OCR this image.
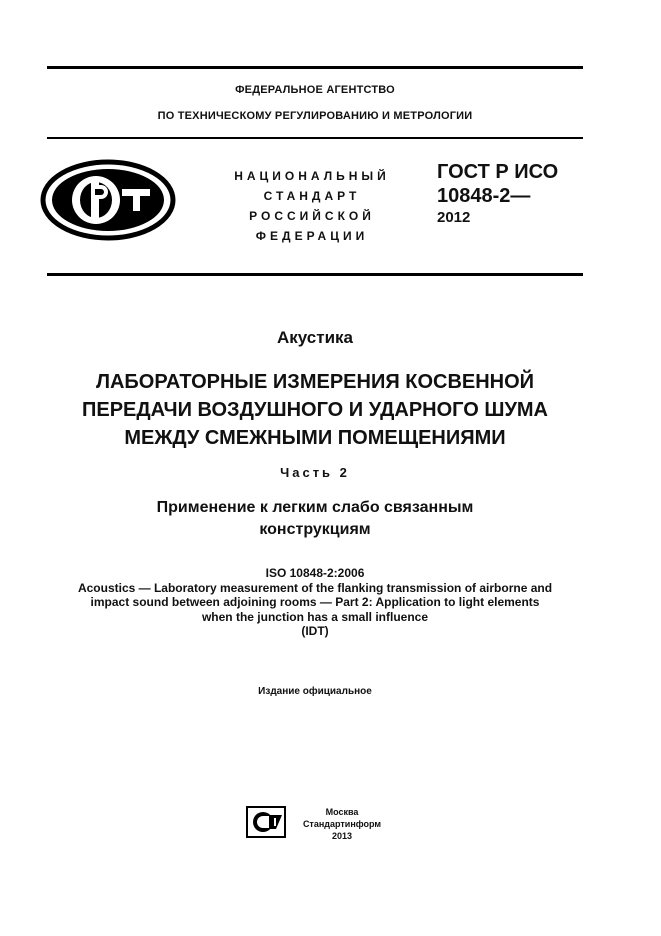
ФЕДЕРАЛЬНОЕ АГЕНТСТВО
ПО ТЕХНИЧЕСКОМУ РЕГУЛИРОВАНИЮ И МЕТРОЛОГИИ
НАЦИОНАЛЬНЫЙ
СТАНДАРТ
РОССИЙСКОЙ
ФЕДЕРАЦИИ
ГОСТ Р ИСО
10848-2—
2012
Акустика
ЛАБОРАТОРНЫЕ ИЗМЕРЕНИЯ КОСВЕННОЙ
ПЕРЕДАЧИ ВОЗДУШНОГО И УДАРНОГО ШУМА
МЕЖДУ СМЕЖНЫМИ ПОМЕЩЕНИЯМИ
Часть 2
Применение к легким слабо связанным
конструкциям
ISO 10848-2:2006
Acoustics — Laboratory measurement of the flanking transmission of airborne and
impact sound between adjoining rooms — Part 2: Application to light elements
when the junction has a small influence
(IDT)
Издание официальное
Москва
Стандартинформ
2013
